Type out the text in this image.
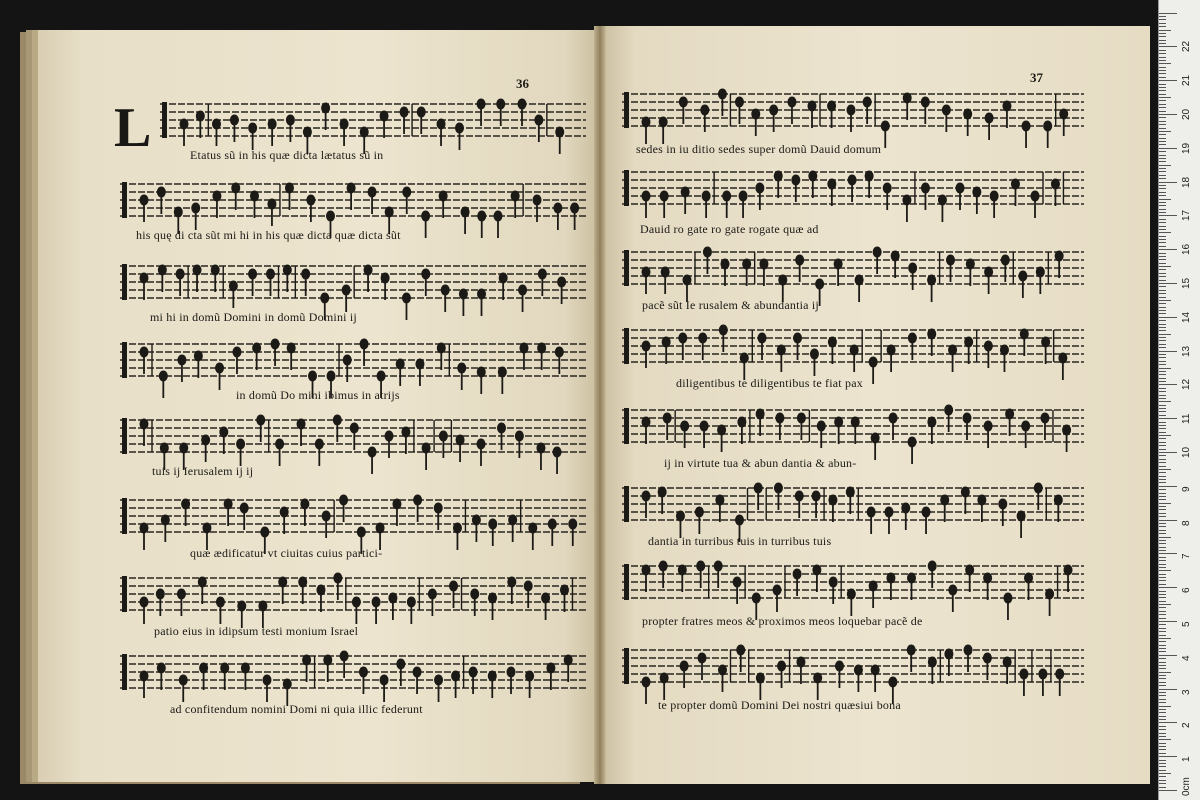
36	37
L	Etatus sũ in his quæ dicta lætatus sũ in
his quę di cta sũt mi hi in his quæ dicta quæ dicta sũt
mi hi in domũ Domini in domũ Domini ij
in domũ Do mini ibimus in atrijs
tuis ij Ierusalem ij ij
quæ ædificatur vt ciuitas cuius partici-
patio eius in idipsum testi monium Israel
ad confitendum nomini Domi ni quia illic federunt
sedes in iu ditio sedes super domũ Dauid domum
Dauid ro gate ro gate rogate quæ ad
pacẽ sũt Ie rusalem & abundantia ij
diligentibus te diligentibus te fiat pax
ij in virtute tua & abun dantia & abun-
dantia in turribus tuis in turribus tuis
propter fratres meos & proximos meos loquebar pacẽ de
te propter domũ Domini Dei nostri quæsiui bona
0cm
1
2
3
4
5
6
7
8
9
10
11
12
13
14
15
16
17
18
19
20
21
22
